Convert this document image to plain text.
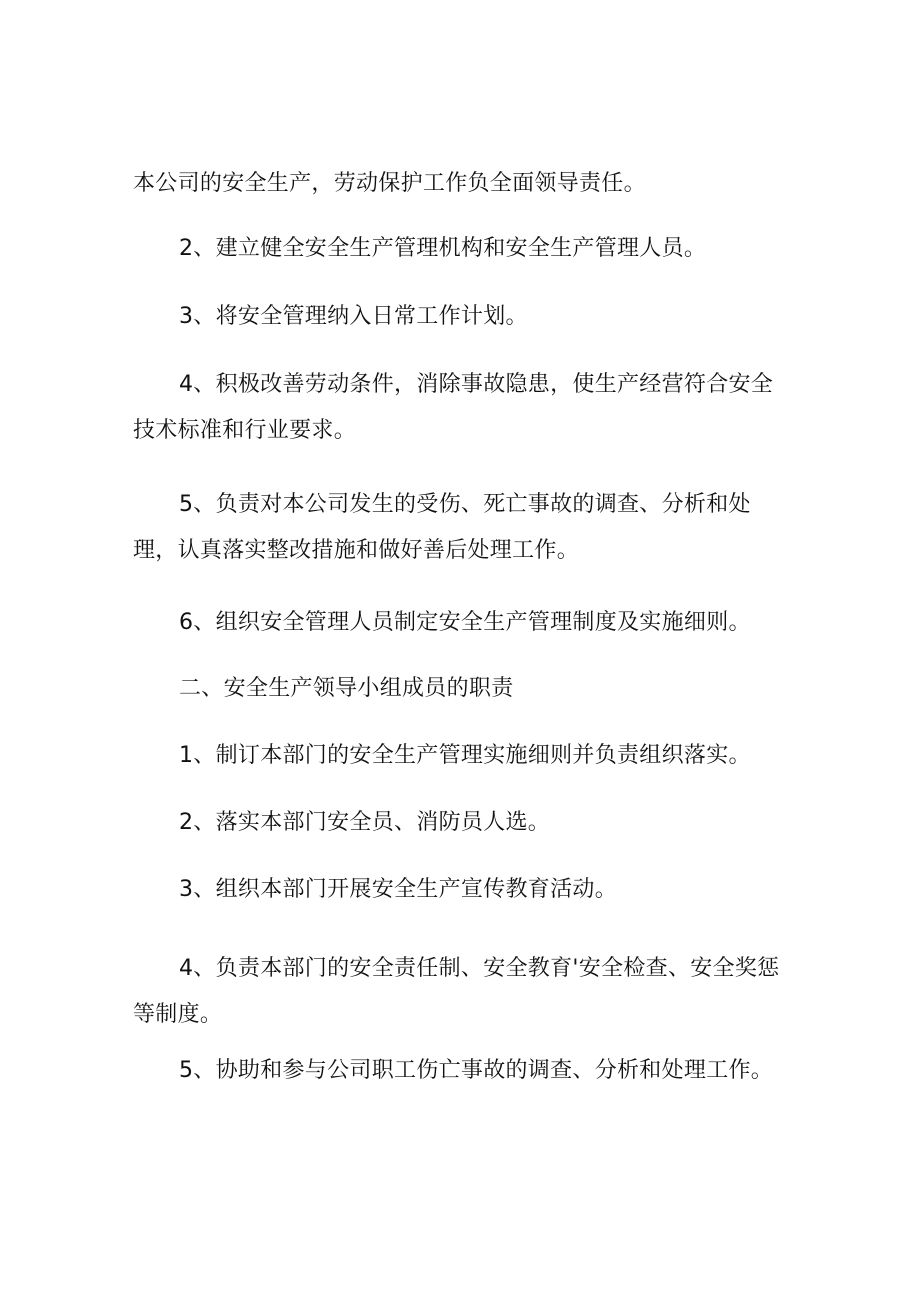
本公司的安全生产，劳动保护工作负全面领导责任。

2、建立健全安全生产管理机构和安全生产管理人员。

3、将安全管理纳入日常工作计划。

4、积极改善劳动条件，消除事故隐患，使生产经营符合安全技术标准和行业要求。

5、负责对本公司发生的受伤、死亡事故的调查、分析和处理，认真落实整改措施和做好善后处理工作。

6、组织安全管理人员制定安全生产管理制度及实施细则。

二、安全生产领导小组成员的职责

1、制订本部门的安全生产管理实施细则并负责组织落实。

2、落实本部门安全员、消防员人选。

3、组织本部门开展安全生产宣传教育活动。

4、负责本部门的安全责任制、安全教育'安全检查、安全奖惩等制度。

5、协助和参与公司职工伤亡事故的调查、分析和处理工作。
